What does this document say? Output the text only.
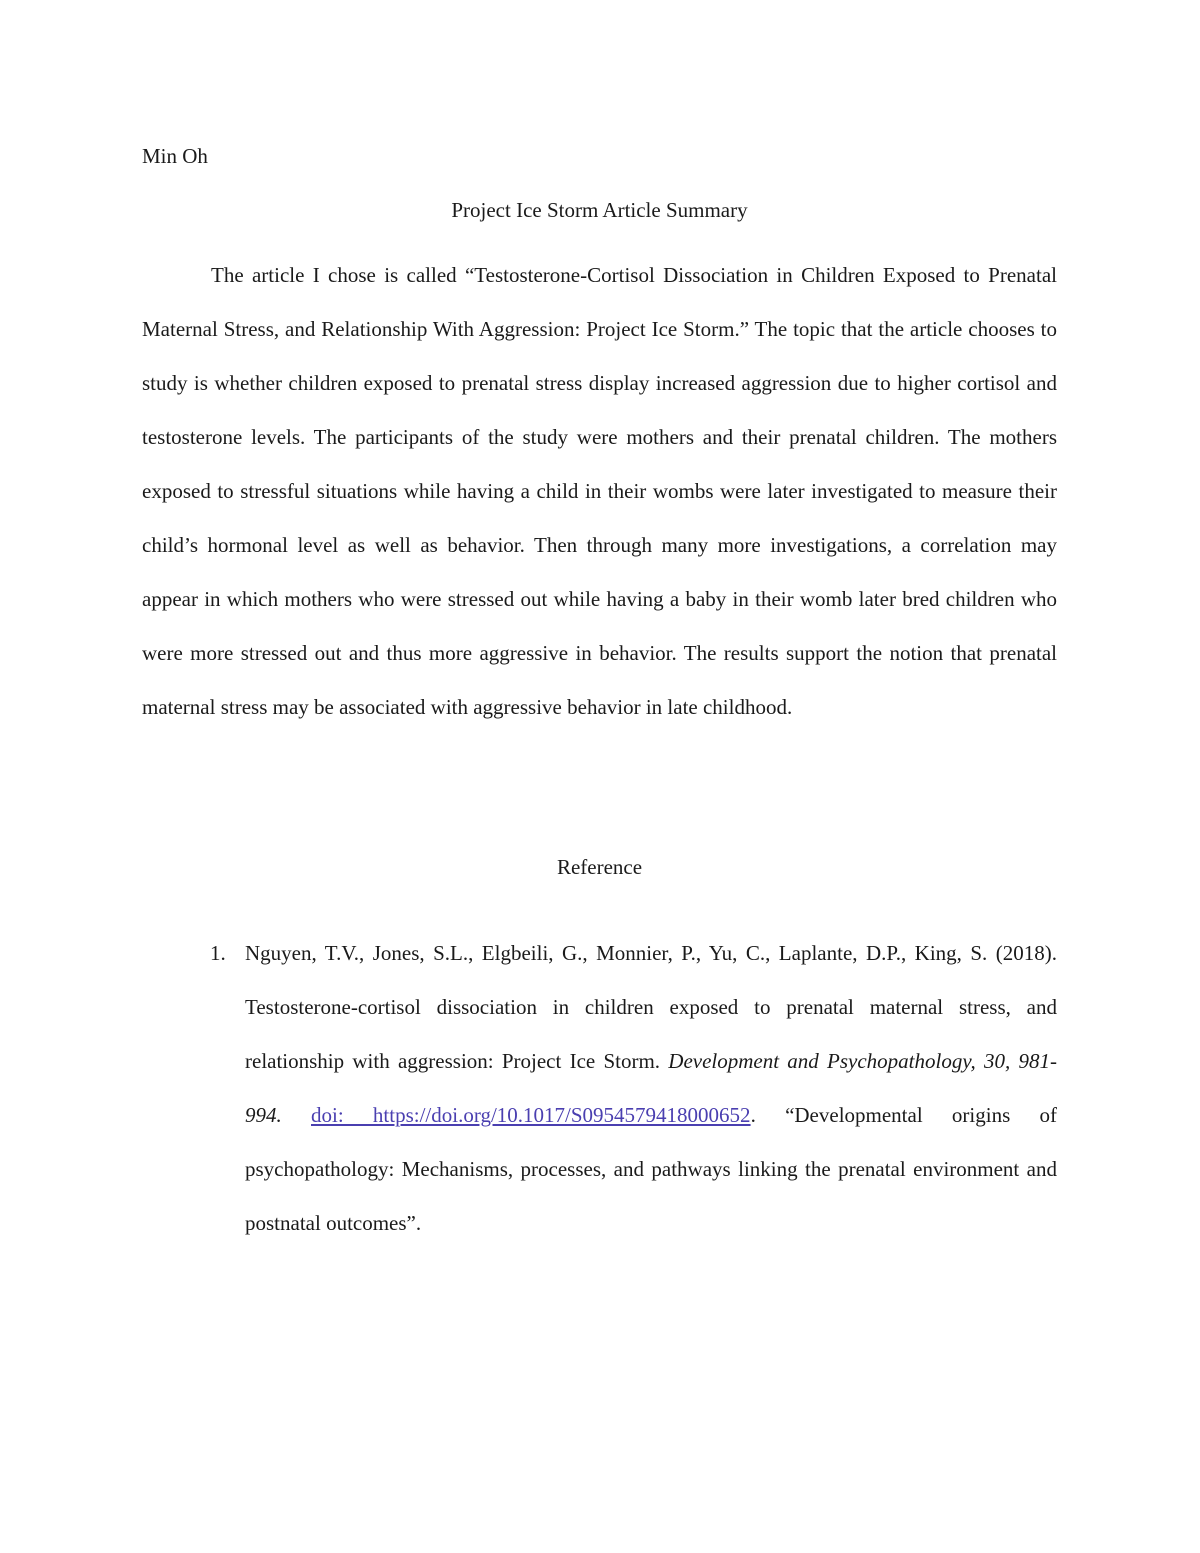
Min Oh
Project Ice Storm Article Summary

The article I chose is called “Testosterone-Cortisol Dissociation in Children Exposed to Prenatal Maternal Stress, and Relationship With Aggression: Project Ice Storm.” The topic that the article chooses to study is whether children exposed to prenatal stress display increased aggression due to higher cortisol and testosterone levels. The participants of the study were mothers and their prenatal children. The mothers exposed to stressful situations while having a child in their wombs were later investigated to measure their child’s hormonal level as well as behavior. Then through many more investigations, a correlation may appear in which mothers who were stressed out while having a baby in their womb later bred children who were more stressed out and thus more aggressive in behavior. The results support the notion that prenatal maternal stress may be associated with aggressive behavior in late childhood.

Reference
1. Nguyen, T.V., Jones, S.L., Elgbeili, G., Monnier, P., Yu, C., Laplante, D.P., King, S. (2018). Testosterone-cortisol dissociation in children exposed to prenatal maternal stress, and relationship with aggression: Project Ice Storm. Development and Psychopathology, 30, 981-994. doi: https://doi.org/10.1017/S0954579418000652. “Developmental origins of psychopathology: Mechanisms, processes, and pathways linking the prenatal environment and postnatal outcomes”.
